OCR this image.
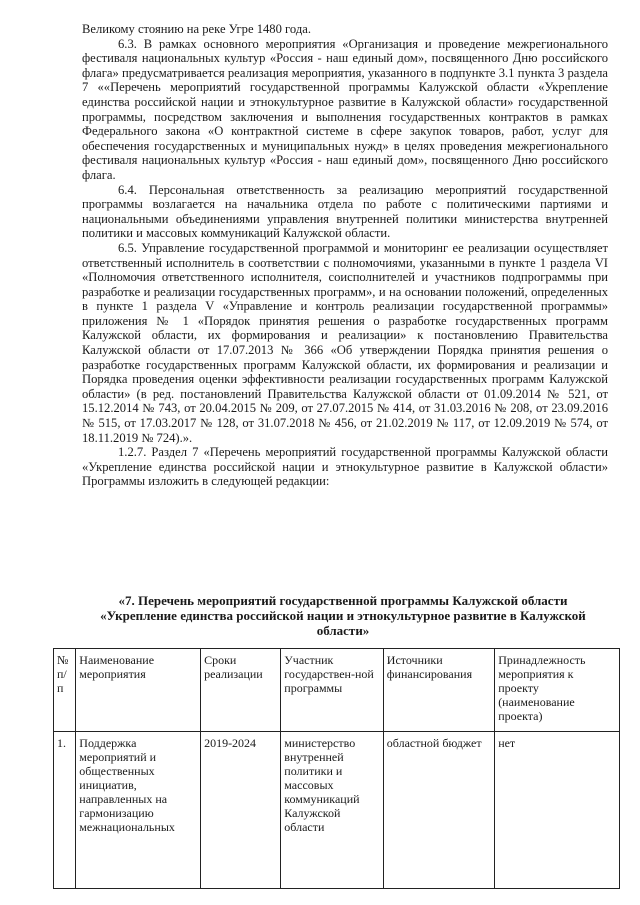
Великому стоянию на реке Угре 1480 года.

6.3. В рамках основного мероприятия «Организация и проведение межрегионального фестиваля национальных культур «Россия - наш единый дом», посвященного Дню российского флага» предусматривается реализация мероприятия, указанного в подпункте 3.1 пункта 3 раздела 7 ««Перечень мероприятий государственной программы Калужской области «Укрепление единства российской нации и этнокультурное развитие в Калужской области» государственной программы, посредством заключения и выполнения государственных контрактов в рамках Федерального закона «О контрактной системе в сфере закупок товаров, работ, услуг для обеспечения государственных и муниципальных нужд» в целях проведения межрегионального фестиваля национальных культур «Россия - наш единый дом», посвященного Дню российского флага.

6.4. Персональная ответственность за реализацию мероприятий государственной программы возлагается на начальника отдела по работе с политическими партиями и национальными объединениями управления внутренней политики министерства внутренней политики и массовых коммуникаций Калужской области.

6.5. Управление государственной программой и мониторинг ее реализации осуществляет ответственный исполнитель в соответствии с полномочиями, указанными в пункте 1 раздела VI «Полномочия ответственного исполнителя, соисполнителей и участников подпрограммы при разработке и реализации государственных программ», и на основании положений, определенных в пункте 1 раздела V «Управление и контроль реализации государственной программы» приложения № 1 «Порядок принятия решения о разработке государственных программ Калужской области, их формирования и реализации» к постановлению Правительства Калужской области от 17.07.2013 № 366 «Об утверждении Порядка принятия решения о разработке государственных программ Калужской области, их формирования и реализации и Порядка проведения оценки эффективности реализации государственных программ Калужской области» (в ред. постановлений Правительства Калужской области от 01.09.2014 № 521, от 15.12.2014 № 743, от 20.04.2015 № 209, от 27.07.2015 № 414, от 31.03.2016 № 208, от 23.09.2016 № 515, от 17.03.2017 № 128, от 31.07.2018 № 456, от 21.02.2019 № 117, от 12.09.2019 № 574, от 18.11.2019 № 724).».

1.2.7. Раздел 7 «Перечень мероприятий государственной программы Калужской области «Укрепление единства российской нации и этнокультурное развитие в Калужской области» Программы изложить в следующей редакции:

«7. Перечень мероприятий государственной программы Калужской области
«Укрепление единства российской нации и этнокультурное развитие в Калужской
области»
№ п/п	Наименование мероприятия	Сроки реализации	Участник государствен-ной программы	Источники финансирования	Принадлежность мероприятия к проекту (наименование проекта)
1.	Поддержка мероприятий и общественных инициатив, направленных на гармонизацию межнациональных	2019-2024	министерство внутренней политики и массовых коммуникаций Калужской области	областной бюджет	нет
